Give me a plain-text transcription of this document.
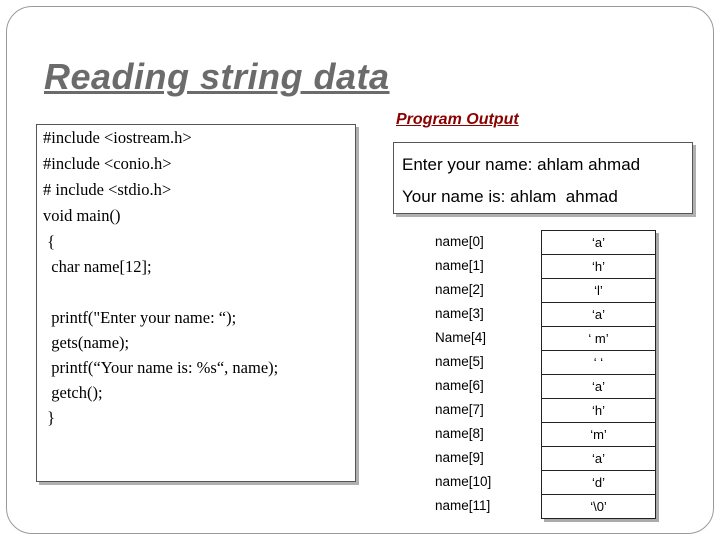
Reading string data
#include <iostream.h>
#include <conio.h>
# include <stdio.h>
void main()
{
char name[12];
printf("Enter your name: “);
gets(name);
printf(“Your name is: %s“, name);
getch();
}
Program Output
Enter your name: ahlam ahmad
Your name is: ahlam  ahmad
name[0]	‘a’
name[1]	‘h’
name[2]	‘l’
name[3]	‘a’
Name[4]	‘ m’
name[5]	‘ ‘
name[6]	‘a’
name[7]	‘h’
name[8]	‘m’
name[9]	‘a’
name[10]	‘d’
name[11]	‘\0’
